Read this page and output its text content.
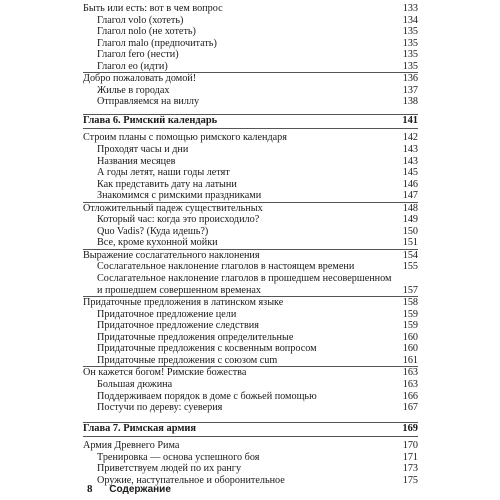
Быть или есть: вот в чем вопрос	133
Глагол volo (хотеть)	134
Глагол nolo (не хотеть)	135
Глагол malo (предпочитать)	135
Глагол fero (нести)	135
Глагол eo (идти)	135
Добро пожаловать домой!	136
Жилье в городах	137
Отправляемся на виллу	138
Глава 6. Римский календарь	141
Строим планы с помощью римского календаря	142
Проходят часы и дни	143
Названия месяцев	143
А годы летят, наши годы летят	145
Как представить дату на латыни	146
Знакомимся с римскими праздниками	147
Отложительный падеж существительных	148
Который час: когда это происходило?	149
Quo Vadis? (Куда идешь?)	150
Все, кроме кухонной мойки	151
Выражение сослагательного наклонения	154
Сослагательное наклонение глаголов в настоящем времени	155
Сослагательное наклонение глаголов в прошедшем несовершенном
и прошедшем совершенном временах	157
Придаточные предложения в латинском языке	158
Придаточное предложение цели	159
Придаточное предложение следствия	159
Придаточные предложения определительные	160
Придаточные предложения с косвенным вопросом	160
Придаточные предложения с союзом cum	161
Он кажется богом! Римские божества	163
Большая дюжина	163
Поддерживаем порядок в доме с божьей помощью	166
Постучи по дереву: суеверия	167
Глава 7. Римская армия	169
Армия Древнего Рима	170
Тренировка — основа успешного боя	171
Приветствуем людей по их рангу	173
Оружие, наступательное и оборонительное	175
8 Содержание
